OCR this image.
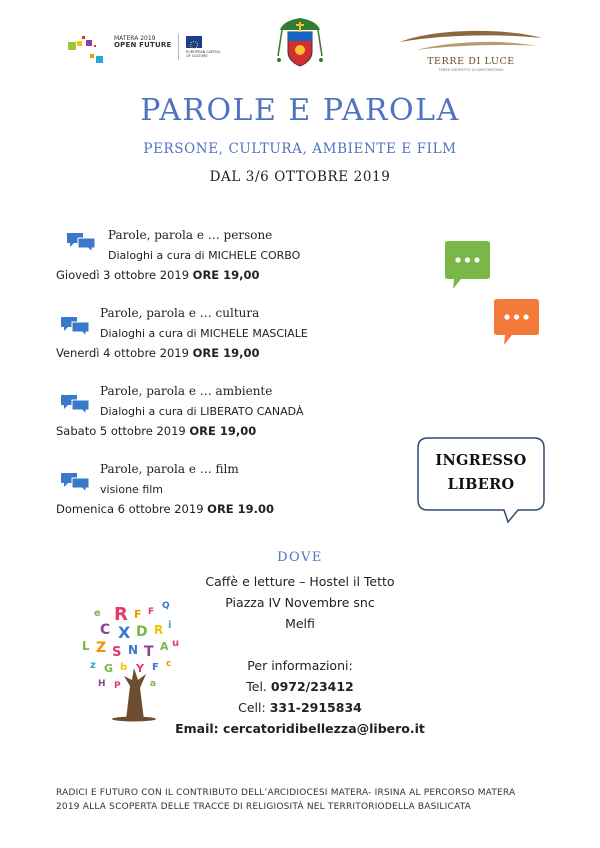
MATERA 2019
OPEN FUTURE
EUROPEAN CAPITAL OF CULTURE	TERRE DI LUCE
TERRE DISTRETTO DI SANT'ANTONIO
PAROLE E PAROLA
PERSONE, CULTURA, AMBIENTE E FILM
DAL 3/6 OTTOBRE 2019
Parole, parola e … persone
Dialoghi a cura di MICHELE CORBO
Giovedì 3 ottobre 2019 ORE 19,00
Parole, parola e … cultura
Dialoghi a cura di MICHELE MASCIALE
Venerdì 4 ottobre 2019 ORE 19,00
Parole, parola e … ambiente
Dialoghi a cura di LIBERATO CANADÀ
Sabato 5 ottobre 2019 ORE 19,00
Parole, parola e … film
visione film
Domenica 6 ottobre 2019 ORE 19.00
INGRESSO
LIBERO
DOVE
Caffè e letture – Hostel il Tetto
Piazza IV Novembre snc
Melfi
Per informazioni:
Tel. 0972/23412
Cell: 331-2915834
Email: cercatoridibellezza@libero.it
R
e	F F
Q
C X D R i
L Z S N T A u
z G b Y F c
H P	a
RADICI E FUTURO CON IL CONTRIBUTO DELL’ARCIDIOCESI MATERA- IRSINA AL PERCORSO MATERA
2019 ALLA SCOPERTA DELLE TRACCE DI RELIGIOSITÀ NEL TERRITORIODELLA BASILICATA
